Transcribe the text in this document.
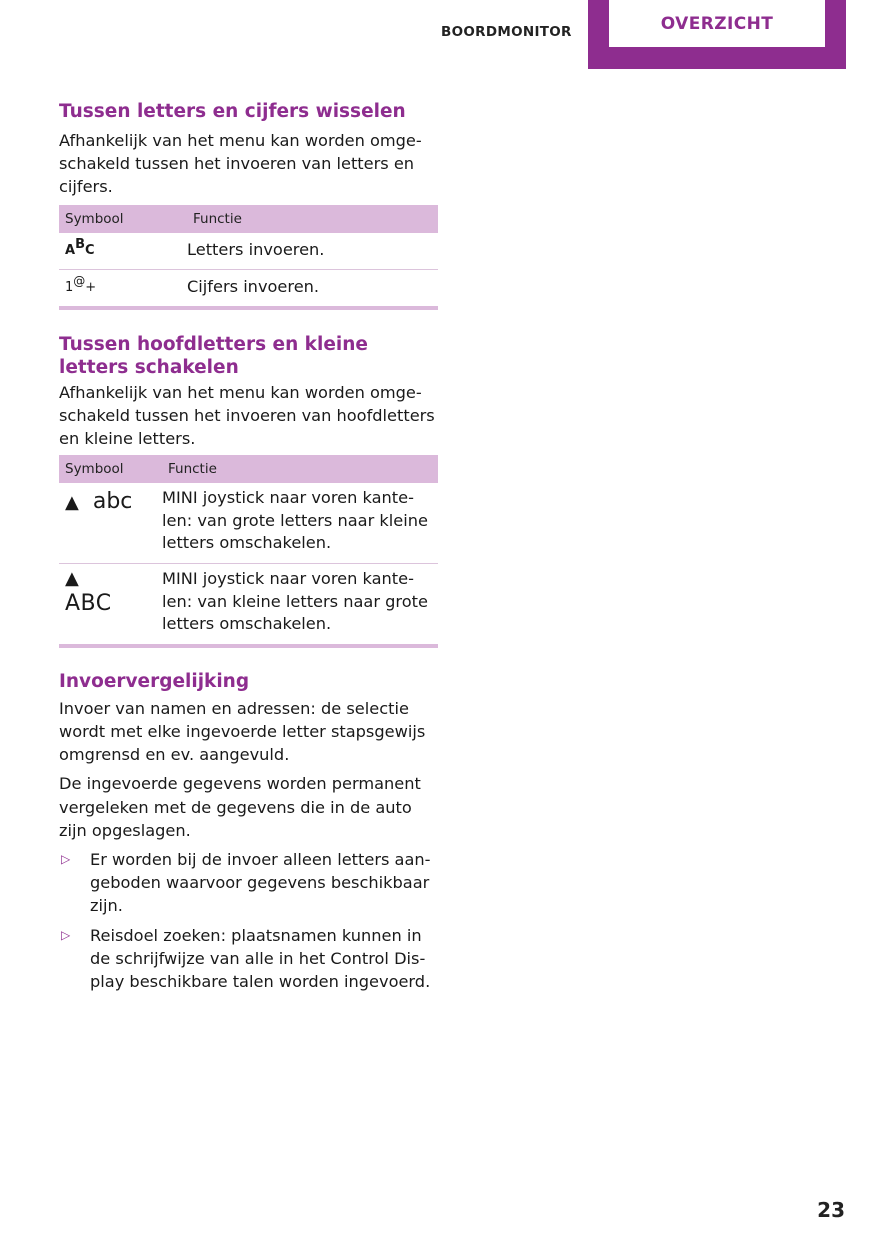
BOORDMONITOR	OVERZICHT
Tussen letters en cijfers wisselen

Afhankelijk van het menu kan worden omgeschakeld tussen het invoeren van letters en cijfers.

Symbool	Functie

A B C	Letters invoeren.

1 @ +	Cijfers invoeren.
Tussen hoofdletters en kleine letters schakelen

Afhankelijk van het menu kan worden omgeschakeld tussen het invoeren van hoofdletters en kleine letters.

Symbool	Functie

▲ abc	MINI joystick naar voren kantelen: van grote letters naar kleine letters omschakelen.

▲
ABC	MINI joystick naar voren kantelen: van kleine letters naar grote letters omschakelen.
Invoervergelijking

Invoer van namen en adressen: de selectie wordt met elke ingevoerde letter stapsgewijs omgrensd en ev. aangevuld.

De ingevoerde gegevens worden permanent vergeleken met de gegevens die in de auto zijn opgeslagen.

▷ Er worden bij de invoer alleen letters aangeboden waarvoor gegevens beschikbaar zijn.
▷ Reisdoel zoeken: plaatsnamen kunnen in de schrijfwijze van alle in het Control Display beschikbare talen worden ingevoerd.
23
